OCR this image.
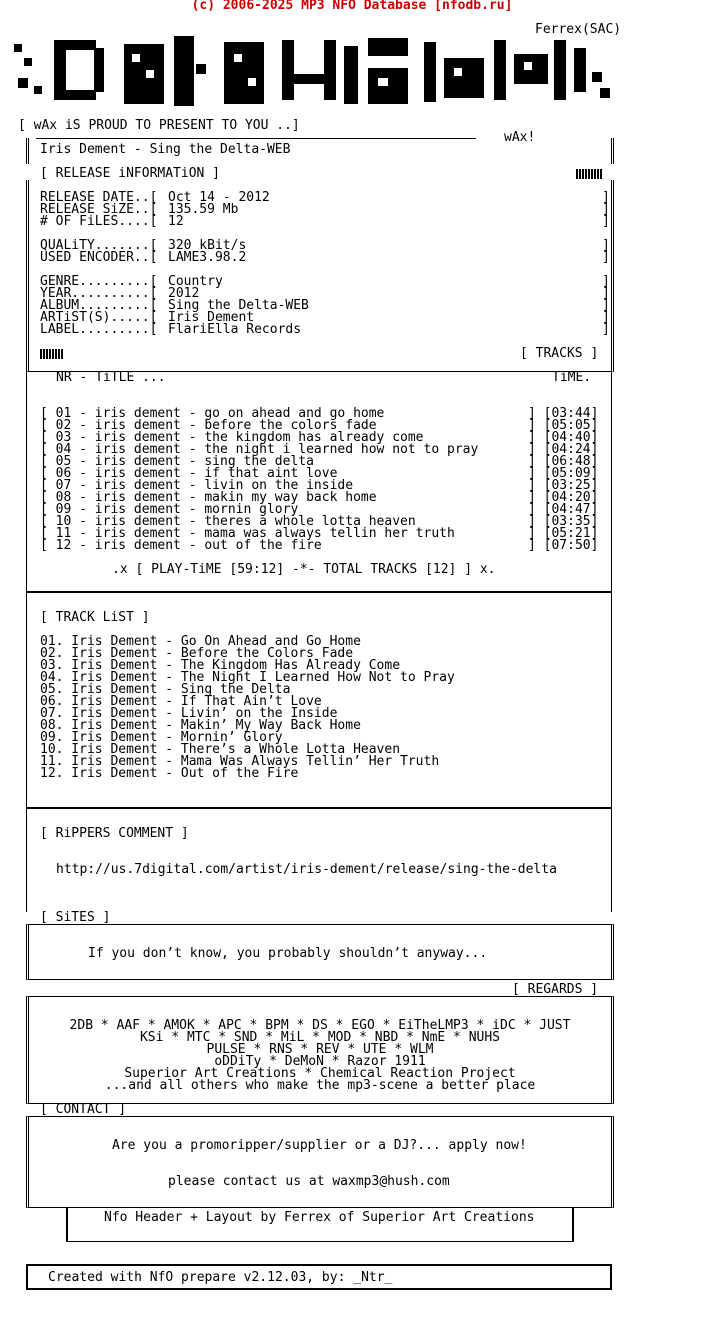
(c) 2006-2025 MP3 NFO Database [nfodb.ru]
Ferrex(SAC)
[ wAx iS PROUD TO PRESENT TO YOU ..]
wAx!
Iris Dement - Sing the Delta-WEB
[ RELEASE iNFORMATiON ]
RELEASE DATE..[ Oct 14 - 2012	]
RELEASE SiZE..[ 135.59 Mb	]
# OF FiLES....[ 12	]
QUALiTY.......[ 320 kBit/s	]
USED ENCODER..[ LAME3.98.2	]
GENRE.........[ Country	]
YEAR..........[ 2012	]
ALBUM.........[ Sing the Delta-WEB	]
ARTiST(S).....[ Iris Dement	]
LABEL.........[ FlariElla Records	]
[ TRACKS ]
NR - TiTLE ...	TiME.
[ 01 - iris dement - go on ahead and go home	] [03:44]
[ 02 - iris dement - before the colors fade	] [05:05]
[ 03 - iris dement - the kingdom has already come	] [04:40]
[ 04 - iris dement - the night i learned how not to pray	] [04:24]
[ 05 - iris dement - sing the delta	] [06:48]
[ 06 - iris dement - if that aint love	] [05:09]
[ 07 - iris dement - livin on the inside	] [03:25]
[ 08 - iris dement - makin my way back home	] [04:20]
[ 09 - iris dement - mornin glory	] [04:47]
[ 10 - iris dement - theres a whole lotta heaven	] [03:35]
[ 11 - iris dement - mama was always tellin her truth	] [05:21]
[ 12 - iris dement - out of the fire	] [07:50]
.x [ PLAY-TiME [59:12] -*- TOTAL TRACKS [12] ] x.
[ TRACK LiST ]
01. Iris Dement - Go On Ahead and Go Home
02. Iris Dement - Before the Colors Fade
03. Iris Dement - The Kingdom Has Already Come
04. Iris Dement - The Night I Learned How Not to Pray
05. Iris Dement - Sing the Delta
06. Iris Dement - If That Ain’t Love
07. Iris Dement - Livin’ on the Inside
08. Iris Dement - Makin’ My Way Back Home
09. Iris Dement - Mornin’ Glory
10. Iris Dement - There’s a Whole Lotta Heaven
11. Iris Dement - Mama Was Always Tellin’ Her Truth
12. Iris Dement - Out of the Fire
[ RiPPERS COMMENT ]
http://us.7digital.com/artist/iris-dement/release/sing-the-delta
[ SiTES ]
If you don’t know, you probably shouldn’t anyway...
[ REGARDS ]
2DB * AAF * AMOK * APC * BPM * DS * EGO * EiTheLMP3 * iDC * JUST
KSi * MTC * SND * MiL * MOD * NBD * NmE * NUHS
PULSE * RNS * REV * UTE * WLM
oDDiTy * DeMoN * Razor 1911
Superior Art Creations * Chemical Reaction Project
...and all others who make the mp3-scene a better place
[ CONTACT ]
Are you a promoripper/supplier or a DJ?... apply now!
please contact us at waxmp3@hush.com
Nfo Header + Layout by Ferrex of Superior Art Creations
Created with NfO prepare v2.12.03, by: _Ntr_
